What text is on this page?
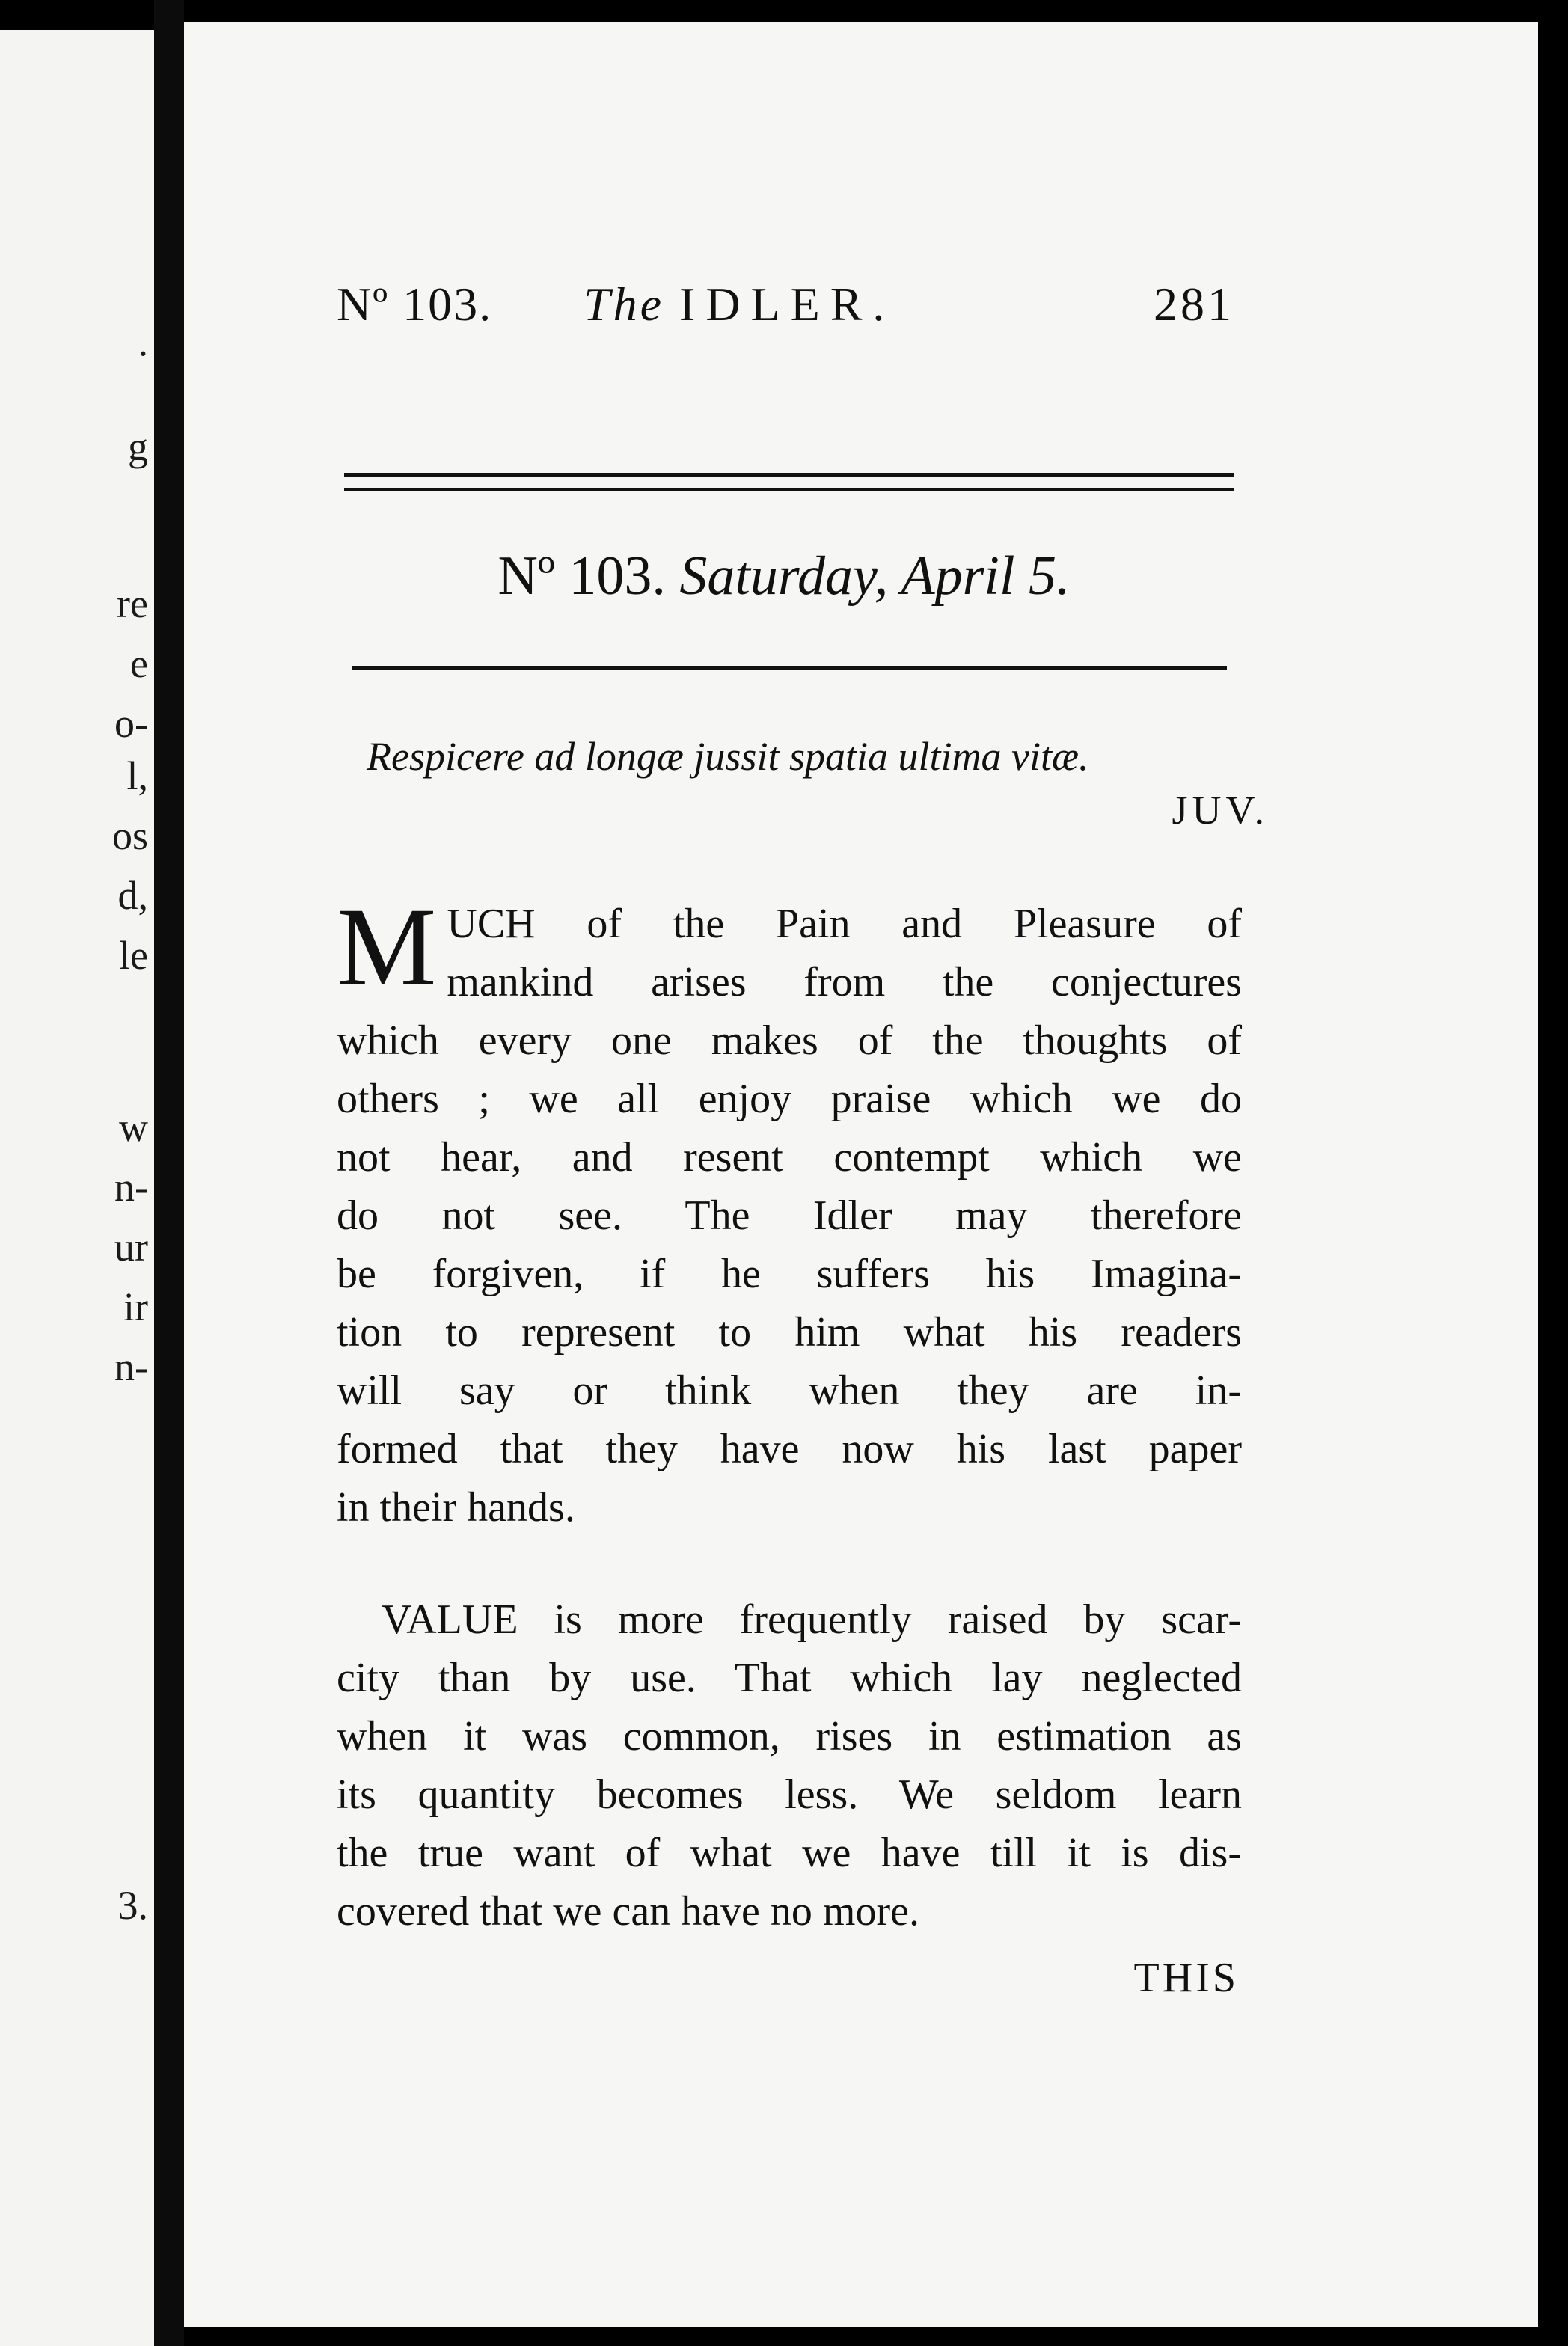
.
g
re
e
o-
l,
os
d,
le
w
n-
ur
ir
n-
3.
Nº 103. The IDLER.	281
Nº 103. Saturday, April 5.
Respicere ad longæ jussit spatia ultima vitæ.
JUV.
M UCH of the Pain and Pleasure of
mankind arises from the conjectures
which every one makes of the thoughts of
others ; we all enjoy praise which we do
not hear, and resent contempt which we
do not see. The Idler may therefore
be forgiven, if he suffers his Imagina-
tion to represent to him what his readers
will say or think when they are in-
formed that they have now his last paper
in their hands.
VALUE is more frequently raised by scar-
city than by use. That which lay neglected
when it was common, rises in estimation as
its quantity becomes less. We seldom learn
the true want of what we have till it is dis-
covered that we can have no more.
THIS
